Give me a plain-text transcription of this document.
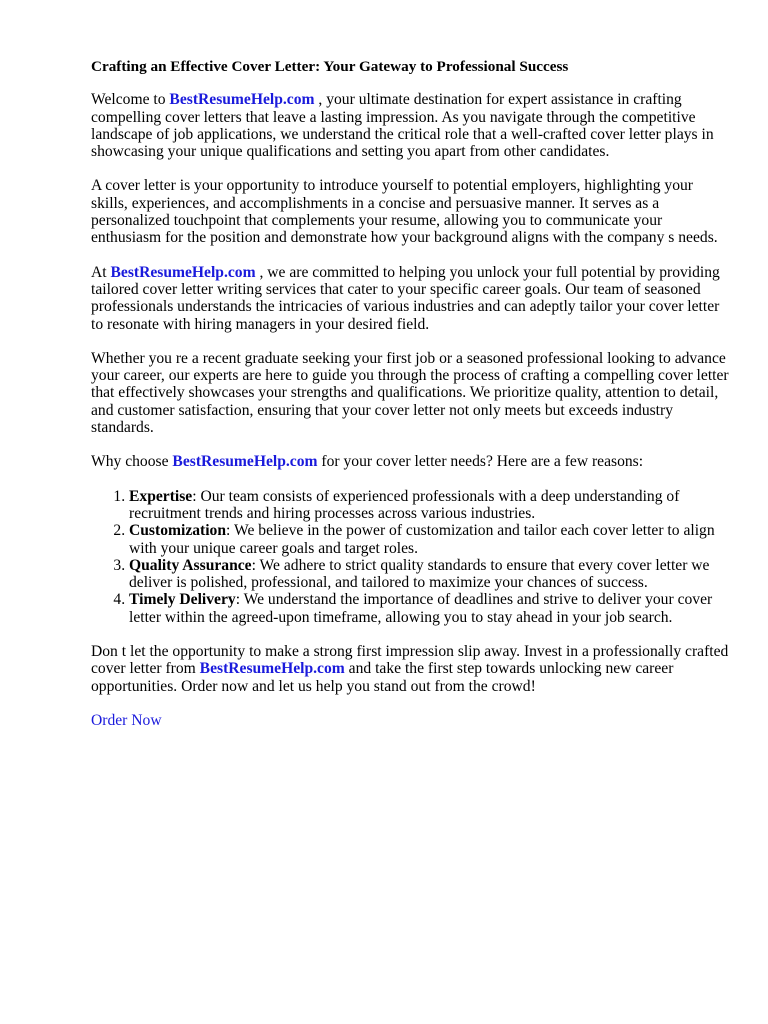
Crafting an Effective Cover Letter: Your Gateway to Professional Success

Welcome to BestResumeHelp.com , your ultimate destination for expert assistance in crafting compelling cover letters that leave a lasting impression. As you navigate through the competitive landscape of job applications, we understand the critical role that a well-crafted cover letter plays in showcasing your unique qualifications and setting you apart from other candidates.

A cover letter is your opportunity to introduce yourself to potential employers, highlighting your skills, experiences, and accomplishments in a concise and persuasive manner. It serves as a personalized touchpoint that complements your resume, allowing you to communicate your enthusiasm for the position and demonstrate how your background aligns with the company s needs.

At BestResumeHelp.com , we are committed to helping you unlock your full potential by providing tailored cover letter writing services that cater to your specific career goals. Our team of seasoned professionals understands the intricacies of various industries and can adeptly tailor your cover letter to resonate with hiring managers in your desired field.

Whether you re a recent graduate seeking your first job or a seasoned professional looking to advance your career, our experts are here to guide you through the process of crafting a compelling cover letter that effectively showcases your strengths and qualifications. We prioritize quality, attention to detail, and customer satisfaction, ensuring that your cover letter not only meets but exceeds industry standards.

Why choose BestResumeHelp.com for your cover letter needs? Here are a few reasons:

1. Expertise: Our team consists of experienced professionals with a deep understanding of recruitment trends and hiring processes across various industries.
2. Customization: We believe in the power of customization and tailor each cover letter to align with your unique career goals and target roles.
3. Quality Assurance: We adhere to strict quality standards to ensure that every cover letter we deliver is polished, professional, and tailored to maximize your chances of success.
4. Timely Delivery: We understand the importance of deadlines and strive to deliver your cover letter within the agreed-upon timeframe, allowing you to stay ahead in your job search.

Don t let the opportunity to make a strong first impression slip away. Invest in a professionally crafted cover letter from BestResumeHelp.com and take the first step towards unlocking new career opportunities. Order now and let us help you stand out from the crowd!

Order Now
